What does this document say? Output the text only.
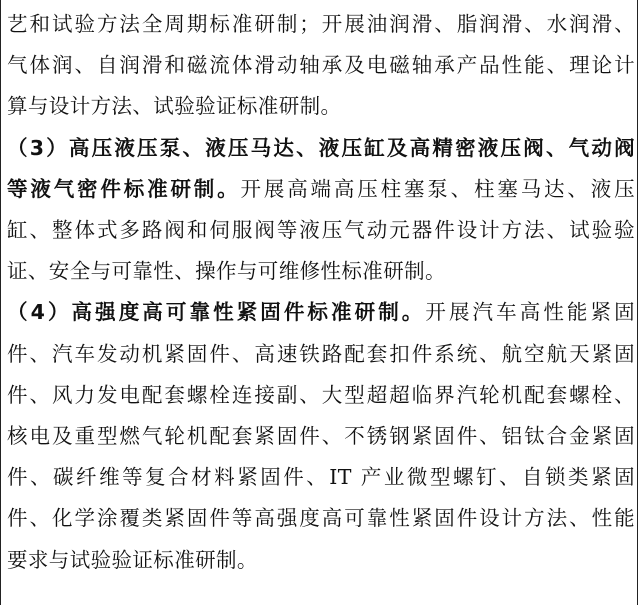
艺和试验方法全周期标准研制；开展油润滑、脂润滑、水润滑、
气体润、自润滑和磁流体滑动轴承及电磁轴承产品性能、理论计
算与设计方法、试验验证标准研制。
（3）高压液压泵、液压马达、液压缸及高精密液压阀、气动阀
等液气密件标准研制。开展高端高压柱塞泵、柱塞马达、液压
缸、整体式多路阀和伺服阀等液压气动元器件设计方法、试验验
证、安全与可靠性、操作与可维修性标准研制。
（4）高强度高可靠性紧固件标准研制。开展汽车高性能紧固
件、汽车发动机紧固件、高速铁路配套扣件系统、航空航天紧固
件、风力发电配套螺栓连接副、大型超超临界汽轮机配套螺栓、
核电及重型燃气轮机配套紧固件、不锈钢紧固件、铝钛合金紧固
件、碳纤维等复合材料紧固件、IT 产业微型螺钉、自锁类紧固
件、化学涂覆类紧固件等高强度高可靠性紧固件设计方法、性能
要求与试验验证标准研制。
